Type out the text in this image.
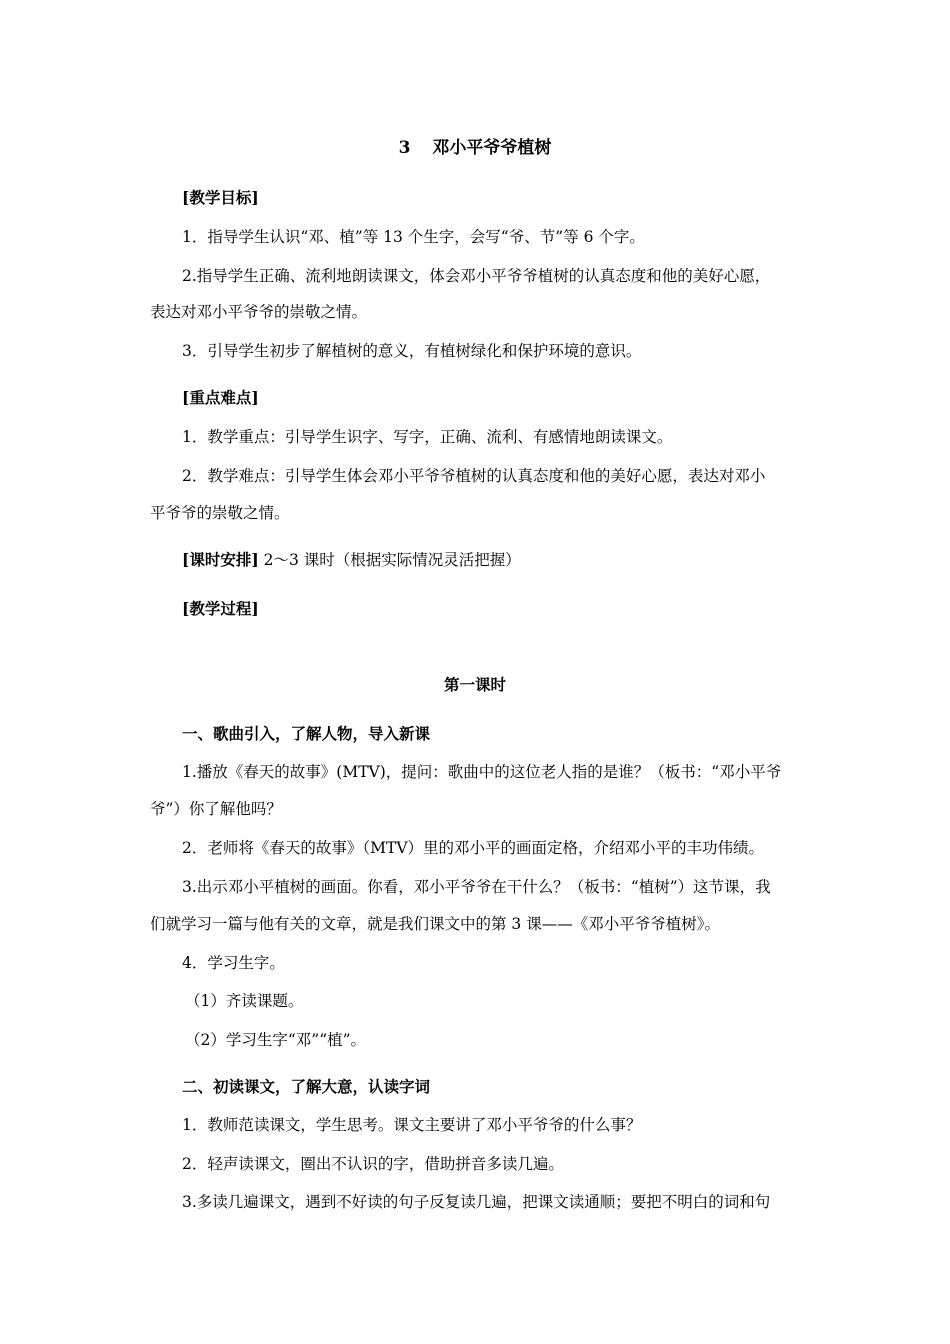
3 邓小平爷爷植树
[教学目标]
1．指导学生认识“邓、植”等 13 个生字，会写“爷、节”等 6 个字。
2.指导学生正确、流利地朗读课文，体会邓小平爷爷植树的认真态度和他的美好心愿，
表达对邓小平爷爷的崇敬之情。
3．引导学生初步了解植树的意义，有植树绿化和保护环境的意识。
[重点难点]
1．教学重点：引导学生识字、写字，正确、流利、有感情地朗读课文。
2．教学难点：引导学生体会邓小平爷爷植树的认真态度和他的美好心愿，表达对邓小
平爷爷的崇敬之情。
[课时安排] 2～3 课时（根据实际情况灵活把握）
[教学过程]
第一课时
一、歌曲引入，了解人物，导入新课
1.播放《春天的故事》(MTV)，提问：歌曲中的这位老人指的是谁？（板书：“邓小平爷
爷”）你了解他吗？
2．老师将《春天的故事》（MTV）里的邓小平的画面定格，介绍邓小平的丰功伟绩。
3.出示邓小平植树的画面。你看，邓小平爷爷在干什么？（板书：“植树”）这节课，我
们就学习一篇与他有关的文章，就是我们课文中的第 3 课——《邓小平爷爷植树》。
4．学习生字。
（1）齐读课题。
（2）学习生字“邓”“植”。
二、初读课文，了解大意，认读字词
1．教师范读课文，学生思考。课文主要讲了邓小平爷爷的什么事？
2．轻声读课文，圈出不认识的字，借助拼音多读几遍。
3.多读几遍课文，遇到不好读的句子反复读几遍，把课文读通顺；要把不明白的词和句
